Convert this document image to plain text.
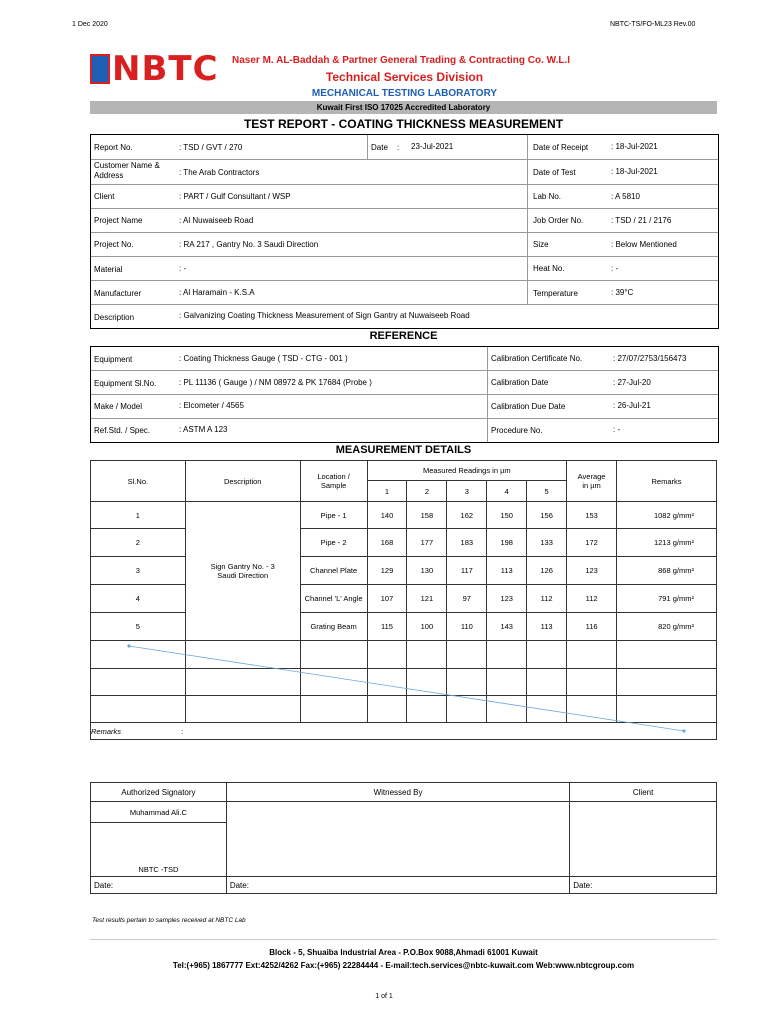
1 Dec 2020	NBTC-TS/FO-ML23 Rev.00
NBTC Naser M. AL-Baddah & Partner General Trading & Contracting Co. W.L.I
Technical Services Division
MECHANICAL TESTING LABORATORY
Kuwait First ISO 17025 Accredited Laboratory
TEST REPORT - COATING THICKNESS MEASUREMENT
Report No.	: TSD / GVT / 270	Date : 23-Jul-2021	Date of Receipt	: 18-Jul-2021
Customer Name & Address	: The Arab Contractors	Date of Test	: 18-Jul-2021
Client	: PART / Gulf Consultant / WSP	Lab No.	: A 5810
Project Name	: Al Nuwaiseeb Road	Job Order No.	: TSD / 21 / 2176
Project No.	: RA 217 , Gantry No. 3 Saudi Direction	Size	: Below Mentioned
Material	: -	Heat No.	: -
Manufacturer	: Al Haramain - K.S.A	Temperature	: 39°C
Description	: Galvanizing Coating Thickness Measurement of Sign Gantry at Nuwaiseeb Road
REFERENCE
Equipment	: Coating Thickness Gauge ( TSD - CTG - 001 )	Calibration Certificate No.	: 27/07/2753/156473
Equipment Sl.No.	: PL 11136 ( Gauge ) / NM 08972 & PK 17684 (Probe )	Calibration Date	: 27-Jul-20
Make / Model	: Elcometer / 4565	Calibration Due Date	: 26-Jul-21
Ref.Std. / Spec.	: ASTM A 123	Procedure No.	: -
MEASUREMENT DETAILS
Sl.No.	Description	Location / Sample	Measured Readings in µm					Average in µm	Remarks
			1	2	3	4	5		
1	Sign Gantry No. - 3 Saudi Direction	Pipe - 1	140	158	162	150	156	153	1082 g/mm²
2		Pipe - 2	168	177	183	198	133	172	1213 g/mm²
3		Channel Plate	129	130	117	113	126	123	868 g/mm²
4		Channel 'L' Angle	107	121	97	123	112	112	791 g/mm²
5		Grating Beam	115	100	110	143	113	116	820 g/mm²

Remarks :									
Authorized Signatory	Witnessed By	Client
Muhammad Ali.C		
NBTC -TSD		
Date:	Date:	Date:
Test results pertain to samples received at NBTC Lab
Block - 5, Shuaiba Industrial Area - P.O.Box 9088,Ahmadi 61001 Kuwait
Tel:(+965) 1867777 Ext:4252/4262 Fax:(+965) 22284444 - E-mail:tech.services@nbtc-kuwait.com Web:www.nbtcgroup.com
1 of 1
